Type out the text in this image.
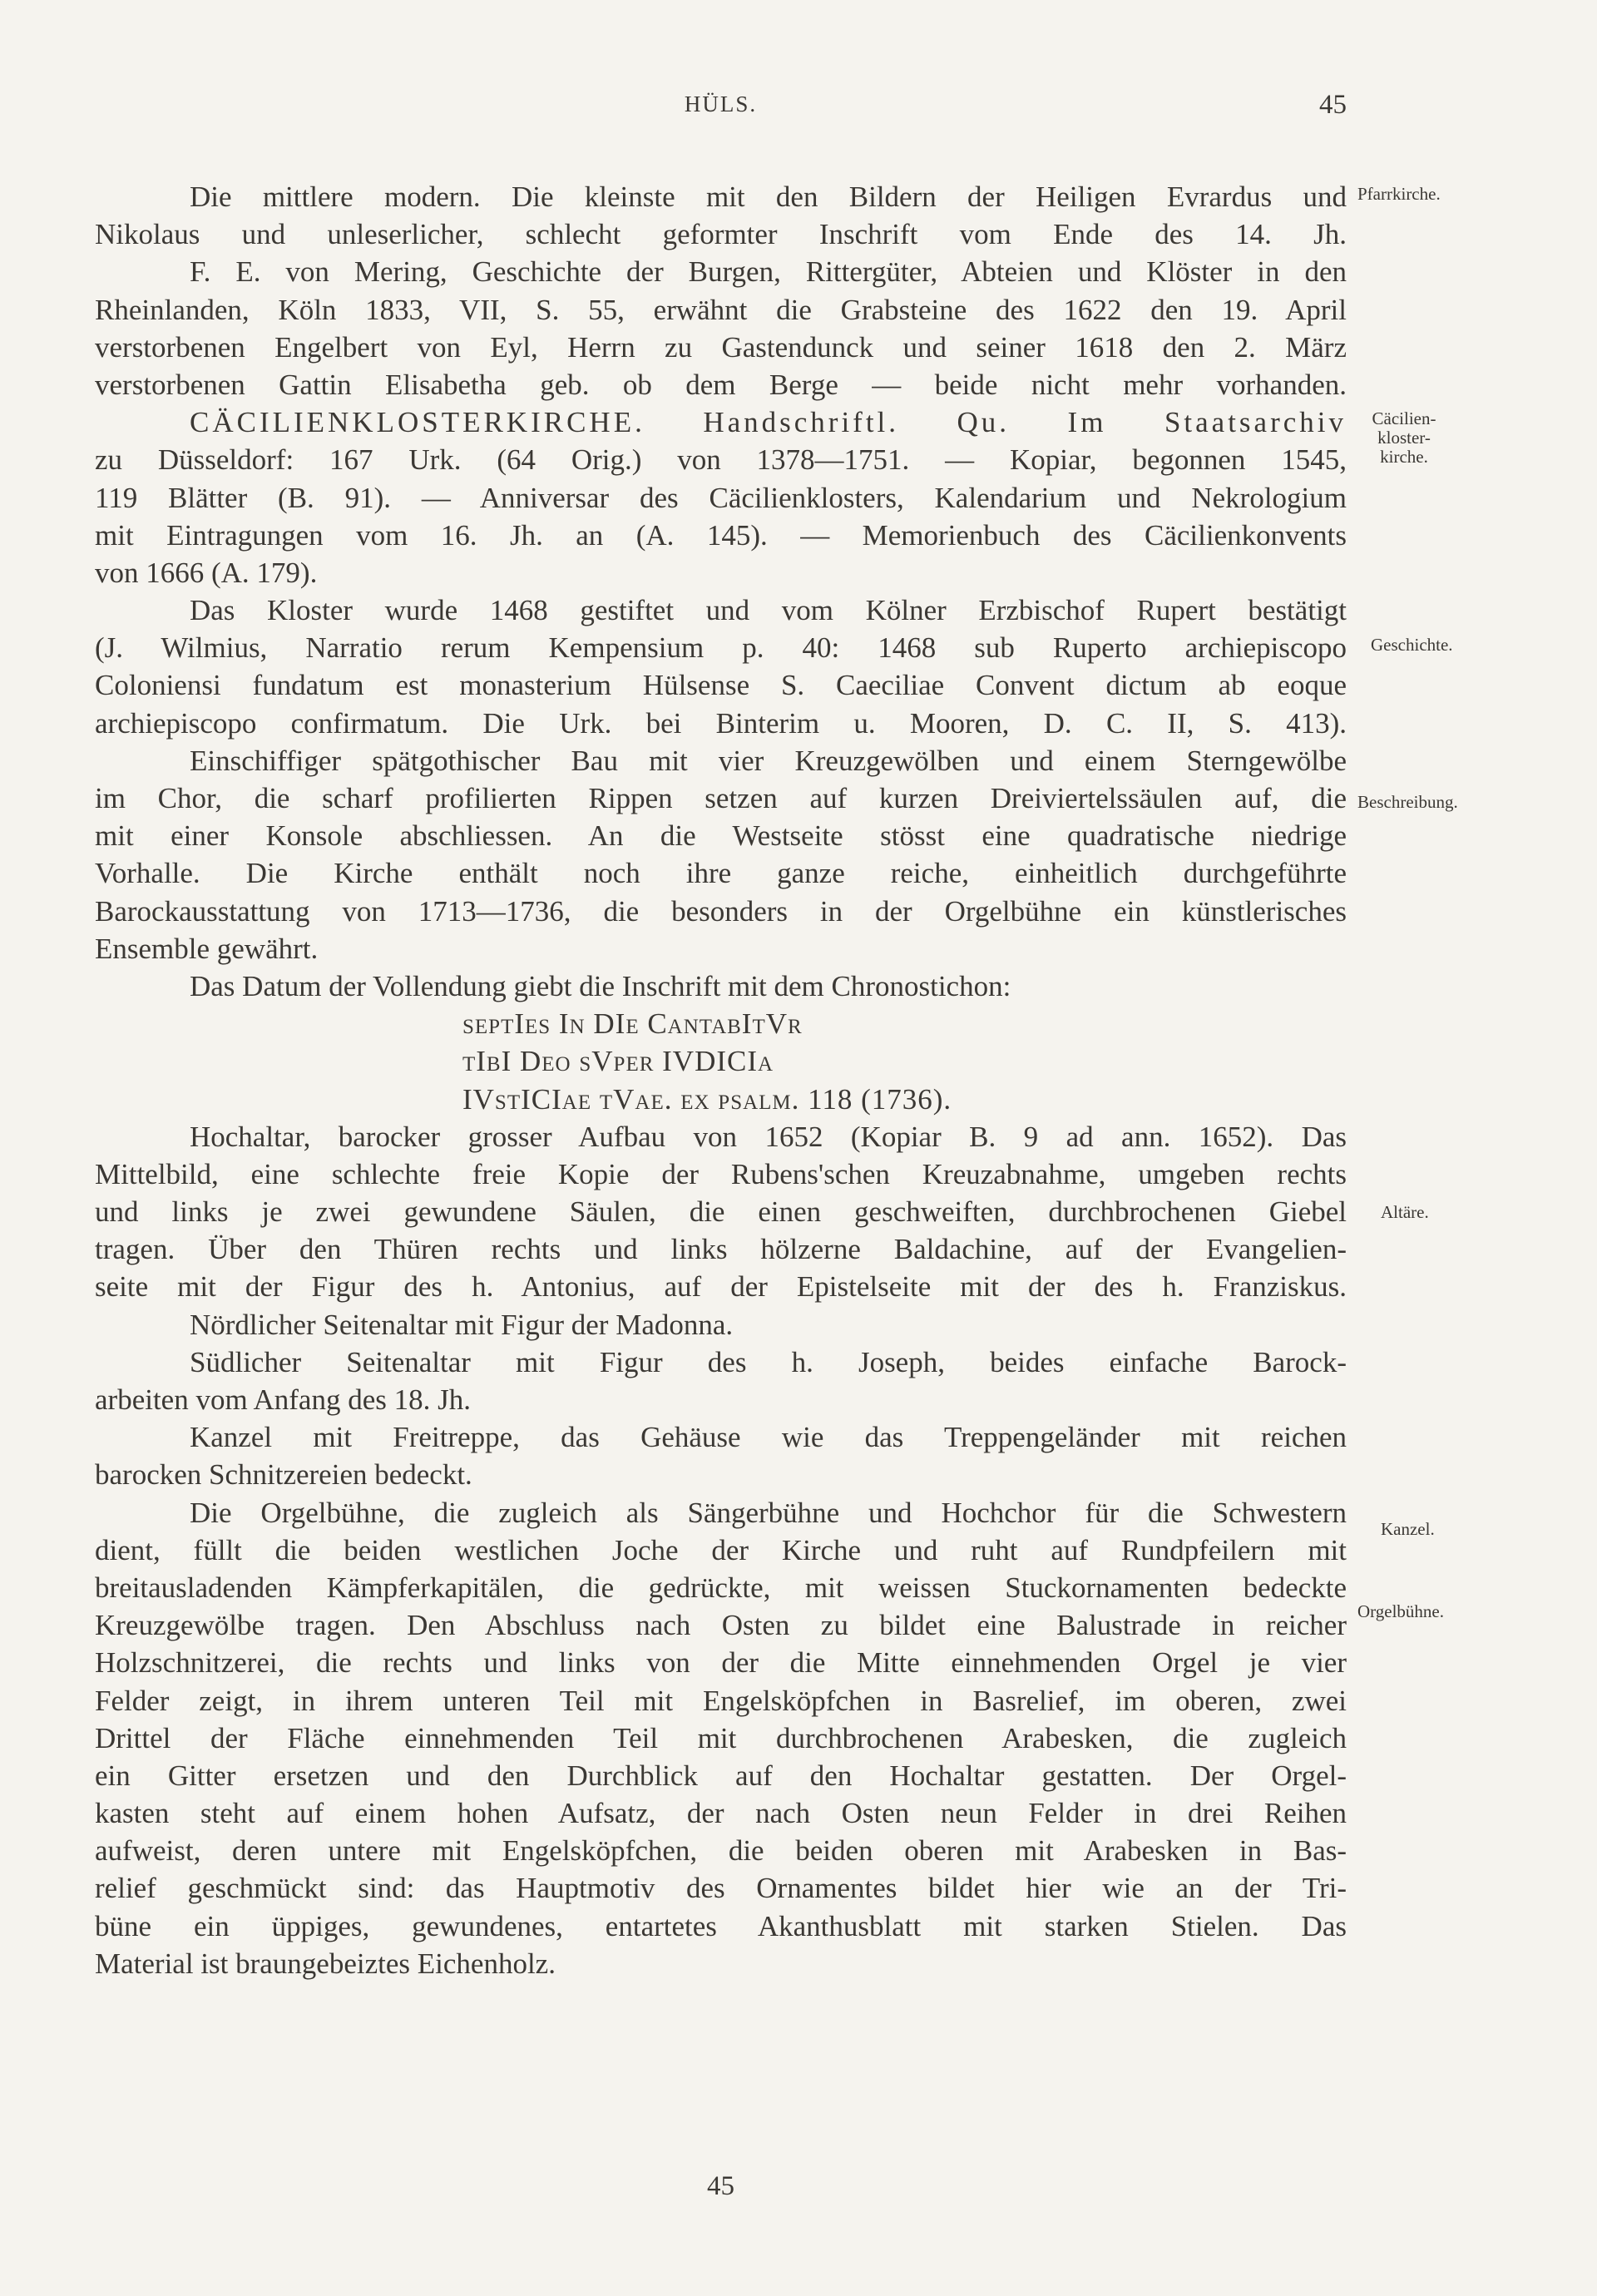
HÜLS.	45
Die mittlere modern. Die kleinste mit den Bildern der Heiligen Evrardus und
Nikolaus und unleserlicher, schlecht geformter Inschrift vom Ende des 14. Jh.
F. E. von Mering, Geschichte der Burgen, Rittergüter, Abteien und Klöster in den
Rheinlanden, Köln 1833, VII, S. 55, erwähnt die Grabsteine des 1622 den 19. April
verstorbenen Engelbert von Eyl, Herrn zu Gastendunck und seiner 1618 den 2. März
verstorbenen Gattin Elisabetha geb. ob dem Berge — beide nicht mehr vorhanden.
CÄCILIENKLOSTERKIRCHE. Handschriftl. Qu. Im Staatsarchiv
zu Düsseldorf: 167 Urk. (64 Orig.) von 1378—1751. — Kopiar, begonnen 1545,
119 Blätter (B. 91). — Anniversar des Cäcilienklosters, Kalendarium und Nekrologium
mit Eintragungen vom 16. Jh. an (A. 145). — Memorienbuch des Cäcilienkonvents
von 1666 (A. 179).
Das Kloster wurde 1468 gestiftet und vom Kölner Erzbischof Rupert bestätigt
(J. Wilmius, Narratio rerum Kempensium p. 40: 1468 sub Ruperto archiepiscopo
Coloniensi fundatum est monasterium Hülsense S. Caeciliae Convent dictum ab eoque
archiepiscopo confirmatum. Die Urk. bei Binterim u. Mooren, D. C. II, S. 413).
Einschiffiger spätgothischer Bau mit vier Kreuzgewölben und einem Sterngewölbe
im Chor, die scharf profilierten Rippen setzen auf kurzen Dreiviertelssäulen auf, die
mit einer Konsole abschliessen. An die Westseite stösst eine quadratische niedrige
Vorhalle. Die Kirche enthält noch ihre ganze reiche, einheitlich durchgeführte
Barockausstattung von 1713—1736, die besonders in der Orgelbühne ein künstlerisches
Ensemble gewährt.
Das Datum der Vollendung giebt die Inschrift mit dem Chronostichon:
septIes In DIe CantabItVr
tIbI Deo sVper IVDICIa
IVstICIae tVae. ex psalm. 118 (1736).
Hochaltar, barocker grosser Aufbau von 1652 (Kopiar B. 9 ad ann. 1652). Das
Mittelbild, eine schlechte freie Kopie der Rubens'schen Kreuzabnahme, umgeben rechts
und links je zwei gewundene Säulen, die einen geschweiften, durchbrochenen Giebel
tragen. Über den Thüren rechts und links hölzerne Baldachine, auf der Evangelien-
seite mit der Figur des h. Antonius, auf der Epistelseite mit der des h. Franziskus.
Nördlicher Seitenaltar mit Figur der Madonna.
Südlicher Seitenaltar mit Figur des h. Joseph, beides einfache Barock-
arbeiten vom Anfang des 18. Jh.
Kanzel mit Freitreppe, das Gehäuse wie das Treppengeländer mit reichen
barocken Schnitzereien bedeckt.
Die Orgelbühne, die zugleich als Sängerbühne und Hochchor für die Schwestern
dient, füllt die beiden westlichen Joche der Kirche und ruht auf Rundpfeilern mit
breitausladenden Kämpferkapitälen, die gedrückte, mit weissen Stuckornamenten bedeckte
Kreuzgewölbe tragen. Den Abschluss nach Osten zu bildet eine Balustrade in reicher
Holzschnitzerei, die rechts und links von der die Mitte einnehmenden Orgel je vier
Felder zeigt, in ihrem unteren Teil mit Engelsköpfchen in Basrelief, im oberen, zwei
Drittel der Fläche einnehmenden Teil mit durchbrochenen Arabesken, die zugleich
ein Gitter ersetzen und den Durchblick auf den Hochaltar gestatten. Der Orgel-
kasten steht auf einem hohen Aufsatz, der nach Osten neun Felder in drei Reihen
aufweist, deren untere mit Engelsköpfchen, die beiden oberen mit Arabesken in Bas-
relief geschmückt sind: das Hauptmotiv des Ornamentes bildet hier wie an der Tri-
büne ein üppiges, gewundenes, entartetes Akanthusblatt mit starken Stielen. Das
Material ist braungebeiztes Eichenholz.
Pfarrkirche.
Cäcilien-
kloster-
kirche.
Geschichte.
Beschreibung.
Altäre.
Kanzel.
Orgelbühne.
45
